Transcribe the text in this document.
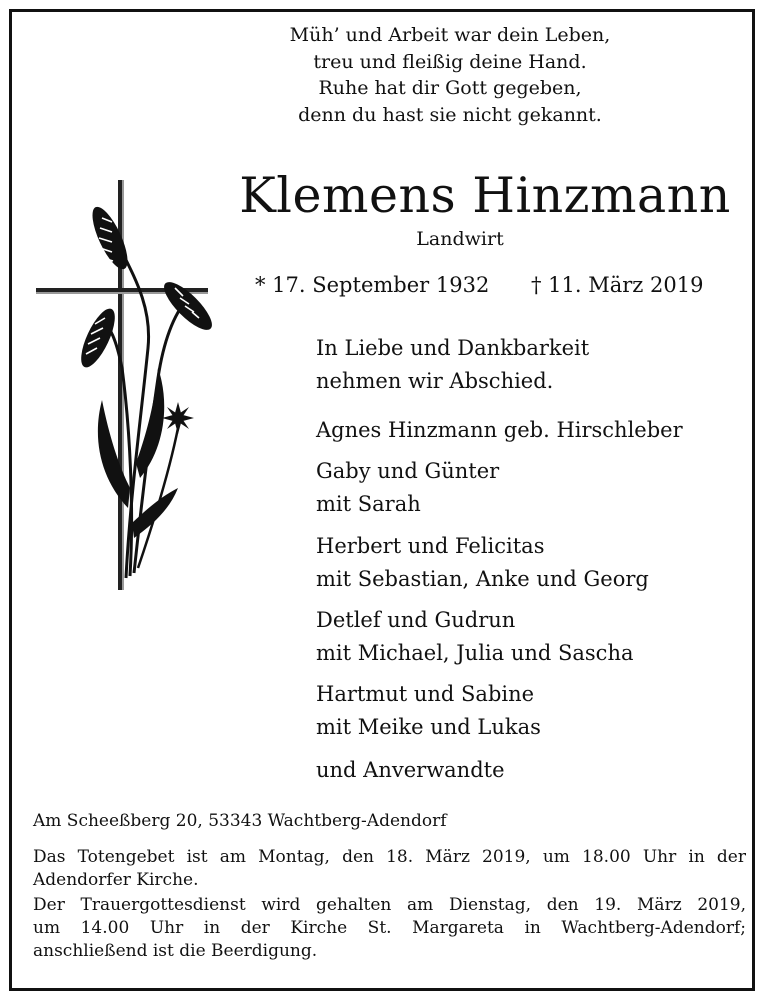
Müh’ und Arbeit war dein Leben,
treu und fleißig deine Hand.
Ruhe hat dir Gott gegeben,
denn du hast sie nicht gekannt.
Klemens Hinzmann
Landwirt
* 17. September 1932 † 11. März 2019
In Liebe und Dankbarkeit
nehmen wir Abschied.
Agnes Hinzmann geb. Hirschleber
Gaby und Günter
mit Sarah
Herbert und Felicitas
mit Sebastian, Anke und Georg
Detlef und Gudrun
mit Michael, Julia und Sascha
Hartmut und Sabine
mit Meike und Lukas
und Anverwandte
Am Scheeßberg 20, 53343 Wachtberg-Adendorf
Das Totengebet ist am Montag, den 18. März 2019, um 18.00 Uhr in der
Adendorfer Kirche.
Der Trauergottesdienst wird gehalten am Dienstag, den 19. März 2019,
um 14.00 Uhr in der Kirche St. Margareta in Wachtberg-Adendorf;
anschließend ist die Beerdigung.
